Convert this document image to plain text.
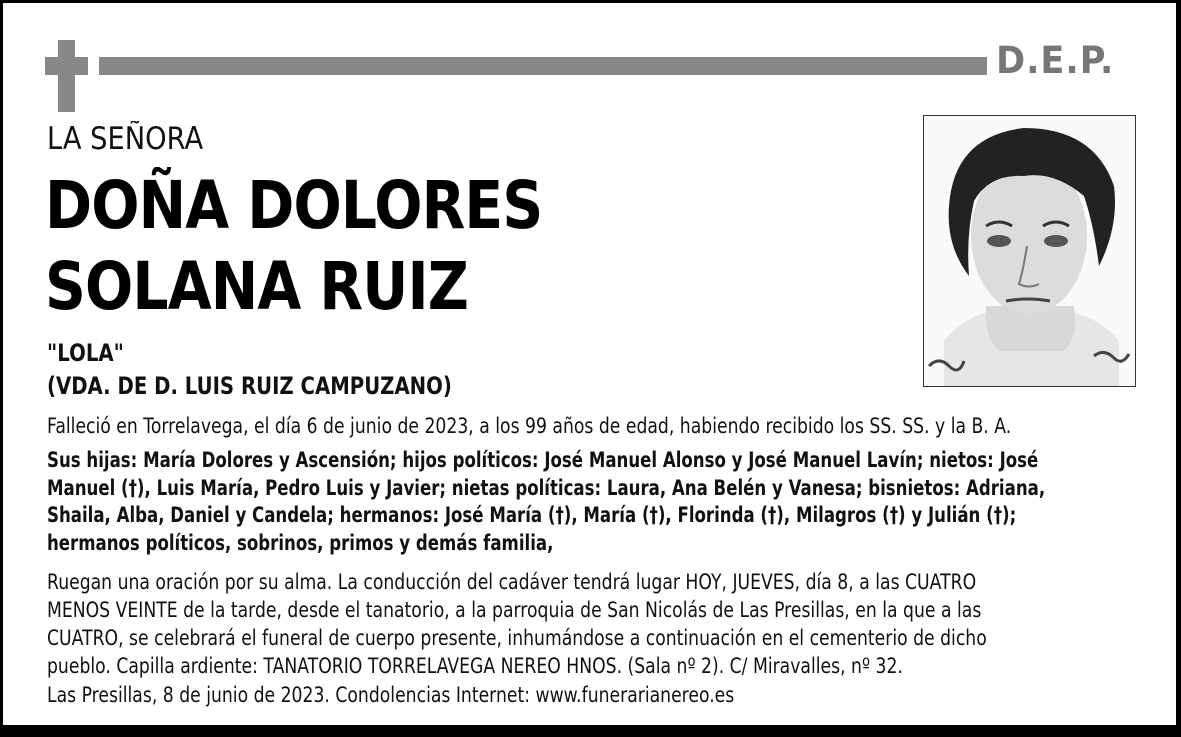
D.E.P.
LA SEÑORA
DOÑA DOLORES
SOLANA RUIZ
"LOLA"
(VDA. DE D. LUIS RUIZ CAMPUZANO)
Falleció en Torrelavega, el día 6 de junio de 2023, a los 99 años de edad, habiendo recibido los SS. SS. y la B. A.
Sus hijas: María Dolores y Ascensión; hijos políticos: José Manuel Alonso y José Manuel Lavín; nietos: José
Manuel (†), Luis María, Pedro Luis y Javier; nietas políticas: Laura, Ana Belén y Vanesa; bisnietos: Adriana,
Shaila, Alba, Daniel y Candela; hermanos: José María (†), María (†), Florinda (†), Milagros (†) y Julián (†);
hermanos políticos, sobrinos, primos y demás familia,
Ruegan una oración por su alma. La conducción del cadáver tendrá lugar HOY, JUEVES, día 8, a las CUATRO
MENOS VEINTE de la tarde, desde el tanatorio, a la parroquia de San Nicolás de Las Presillas, en la que a las
CUATRO, se celebrará el funeral de cuerpo presente, inhumándose a continuación en el cementerio de dicho
pueblo. Capilla ardiente: TANATORIO TORRELAVEGA NEREO HNOS. (Sala nº 2). C/ Miravalles, nº 32.
Las Presillas, 8 de junio de 2023. Condolencias Internet: www.funerarianereo.es
